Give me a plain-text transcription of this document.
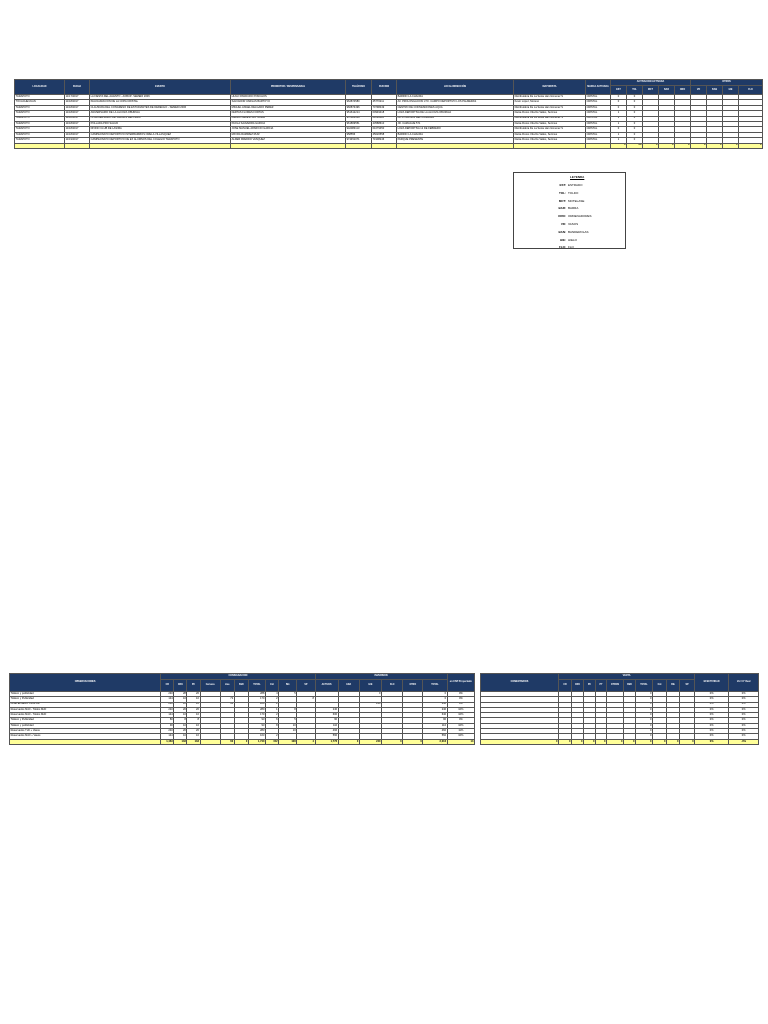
LOCALIDAD	FECHA	EVENTO	PROMOTOR / RESPONSABLE	TELÉFONO	RUC/DNI	LOCAL/DIRECCIÓN	MAYORISTA	MARCA ACTIVADA	ACTIVACIÓN ACTIVADA					OTROS			
									EST	TOL	MCT	BAR	ORO	VD	BAN	HIE	FLO
TARAPOTO	11/17/2017	LA FIESTA DEL ALIENTO - AOBUP- SEMEDI 2006	HUGO PANDURO PONCHOS			BARRIO LA CHACRA	Distribuidora De La Selva Han Gimenez S	CRISTAL	0	0							
TOCACHE/JUAN	11/18/2017	INAUGURACIÓN DE LA COPA CRISTAL	SALVADOR VARGAS BARTOYO	962874580	45770211	AV. PROLONGACIÓN LTO. CAMPO DEPORTIVO LOS PALMERAS	Kevin López, Moreno	CRISTAL	0	0							
TARAPOTO	11/18/2017	CLAUSURA DEL CONGRESO DE ESTUDIANTES DE DERECHO - SEMEDI 2006	MIGUEL ANGEL DELGADO PEREZ	960873496	70798449	CENTRO DE CONVENCIONES AQUA	Distribuidora De La Selva Han Gimenez S	CRISTAL	0	0							
TARAPOTO	11/18/2017	ANIVERSARIO DE LA ALCOZA OBURGIA	FERTAS FLORES FORTAS	951612214	00949418	LOZA DEPORTIVA DE LA ALCOZA OBURGIA	Dania Flores Vda De Valles, Serimus	CRISTAL	1	0							
TARAPOTO	11/18/2017	IV ANIVERSARIO DE VARGAS DEL PERÚ	PEDRO CELESTINO SORIA	957806149	01129495	AV.VV BRISAS DEL CUMBAZA	Distribuidora De La Selva Han Gimenez S	CRISTAL	1	0							
TARAPOTO	11/18/2017	POLLADA PRO SALUD	PAOLA SAAVEDRA GARCIA	961869551	43588610	JR. CAMAGÜE 571	Dania Flores Vda De Valles, Serimus	CRISTAL	1	0							
TARAPOTO	11/18/2017	DIVINO CLUB DE LASIMA	JOSE MANUEL APARICIO GARCIA	942083113	01079450	LOZA DEPORTIVA 12 DE FEBRERO	Distribuidora De La Selva Han Gimenez S	CRISTAL	0	0							
TARAPOTO	11/18/2017	CAMPEONATO DEPORTIVO INTERBARRIOS ORELA VILLASQUEZ	MAYRA RAMIREZ RUIZ	958556	45020558	BARRIO LA CHACRA	Dania Flores Vda De Valles, Serimus	CRISTAL	1	0							
TARAPOTO	11/19/2017	CAMPEONATO DEPORTIVO DE EX ALUMNOS DEL COLEGIO TARAPOTO	ALDER FREDDO VASQUEZ	974451071	71908246	PARQUE PRESENTE	Dania Flores Vda De Valles, Serimus	CRISTAL	1	0							
									4	20	0	0	0	0	0	0	0
LEYENDA
EST: ESTRADO
TOL: TOLDO
MCT: MOTELASE
BAR: BARRA
ORO: ORDENADORES
VD: VASOS
BAN: BANDEROLAS
HIE: HIELO
FLO: FLO
OBSERVACIONES	CONSIGNACIÓN										INVERSIÓN						en CSP Proyectado
	CR	CRK	PC	Cerveza	Ltas	BkD	TOTAL	Cnt	Bik	SP	ACTIVAS	ERA	HIE	FLO	OTRO	TOTAL	
Toldero y publicidad	240	28	20				288	4	5				0			0	0%
Toldero y Publicidad	144	10	10		72		170	2		8						0	0%
AVIEI.ELSEÑO CRISTAL	240	10	10		60		260	2					240			240	0%
Reservados MxD - Toldos MxD	240	20	20				280	1	8		240					240	10%
Reservados MxD - Toldos MxD	144	10	10				170	2			600					640	10%
Toldero y Publicidad	80	8	8				93	6	5		90					90	0%
Toldero y publicidad	90	10	10				93	8	10		110					110	10%
Reservados TxD + Vasos	240	20	20				283		10		466					460	11%
Reservados MxD + Vasos	144	10	10				163	2			560					560	10%
	1,463	133	133		60	0	1,740	152	108	4	1,776	0	240	0	0	2,016	13
COMENTARIOS	VENTA										EFECTIVIDAD	Vol / 8° Real
	CR	CRK	PC	PT	OTROS	BkD	TOTAL	Cnt	Bik	SP		
							0				0%	0%
							0				0%	0%
							0				0%	0%
							0				0%	0%
							0				0%	0%
							0				0%	0%
							0				0%	0%
							0				0%	0%
							0				0%	0%
0	0	0	0	0	0	0	0	0	0	0	0%	-0%
